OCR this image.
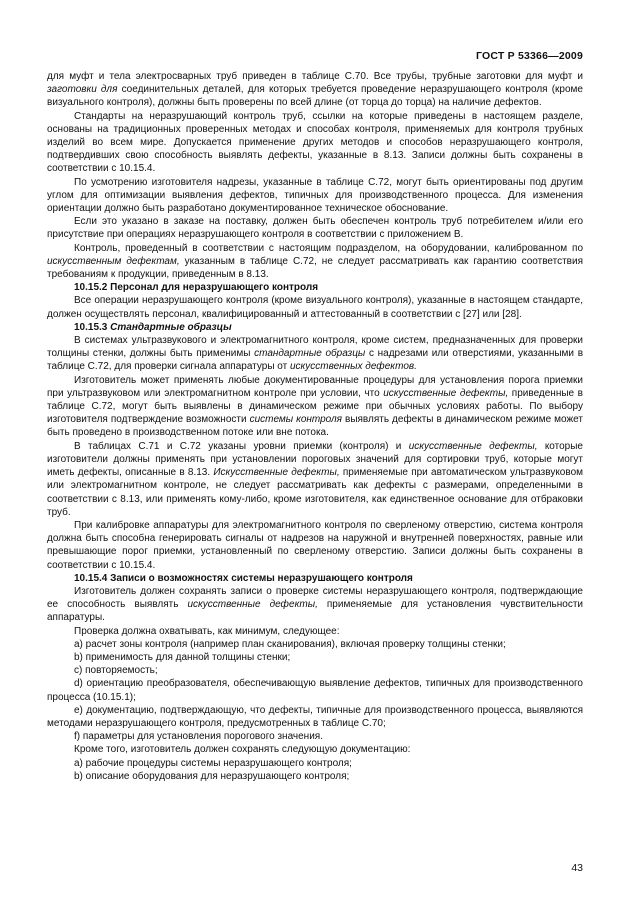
ГОСТ Р 53366—2009

для муфт и тела электросварных труб приведен в таблице С.70. Все трубы, трубные заготовки для муфт и заготовки для соединительных деталей, для которых требуется проведение неразрушающего контроля (кроме визуального контроля), должны быть проверены по всей длине (от торца до торца) на наличие дефектов.

Стандарты на неразрушающий контроль труб, ссылки на которые приведены в настоящем разделе, основаны на традиционных проверенных методах и способах контроля, применяемых для контроля трубных изделий во всем мире. Допускается применение других методов и способов неразрушающего контроля, подтвердивших свою способность выявлять дефекты, указанные в 8.13. Записи должны быть сохранены в соответствии с 10.15.4.

По усмотрению изготовителя надрезы, указанные в таблице С.72, могут быть ориентированы под другим углом для оптимизации выявления дефектов, типичных для производственного процесса. Для изменения ориентации должно быть разработано документированное техническое обоснование.

Если это указано в заказе на поставку, должен быть обеспечен контроль труб потребителем и/или его присутствие при операциях неразрушающего контроля в соответствии с приложением В.

Контроль, проведенный в соответствии с настоящим подразделом, на оборудовании, калиброванном по искусственным дефектам, указанным в таблице С.72, не следует рассматривать как гарантию соответствия требованиям к продукции, приведенным в 8.13.

10.15.2 Персонал для неразрушающего контроля

Все операции неразрушающего контроля (кроме визуального контроля), указанные в настоящем стандарте, должен осуществлять персонал, квалифицированный и аттестованный в соответствии с [27] или [28].

10.15.3 Стандартные образцы

В системах ультразвукового и электромагнитного контроля, кроме систем, предназначенных для проверки толщины стенки, должны быть применимы стандартные образцы с надрезами или отверстиями, указанными в таблице С.72, для проверки сигнала аппаратуры от искусственных дефектов.

Изготовитель может применять любые документированные процедуры для установления порога приемки при ультразвуковом или электромагнитном контроле при условии, что искусственные дефекты, приведенные в таблице С.72, могут быть выявлены в динамическом режиме при обычных условиях работы. По выбору изготовителя подтверждение возможности системы контроля выявлять дефекты в динамическом режиме может быть проведено в производственном потоке или вне потока.

В таблицах С.71 и С.72 указаны уровни приемки (контроля) и искусственные дефекты, которые изготовители должны применять при установлении пороговых значений для сортировки труб, которые могут иметь дефекты, описанные в 8.13. Искусственные дефекты, применяемые при автоматическом ультразвуковом или электромагнитном контроле, не следует рассматривать как дефекты с размерами, определенными в соответствии с 8.13, или применять кому-либо, кроме изготовителя, как единственное основание для отбраковки труб.

При калибровке аппаратуры для электромагнитного контроля по сверленому отверстию, система контроля должна быть способна генерировать сигналы от надрезов на наружной и внутренней поверхностях, равные или превышающие порог приемки, установленный по сверленому отверстию. Записи должны быть сохранены в соответствии с 10.15.4.

10.15.4 Записи о возможностях системы неразрушающего контроля

Изготовитель должен сохранять записи о проверке системы неразрушающего контроля, подтверждающие ее способность выявлять искусственные дефекты, применяемые для установления чувствительности аппаратуры.

Проверка должна охватывать, как минимум, следующее:

а) расчет зоны контроля (например план сканирования), включая проверку толщины стенки;

b) применимость для данной толщины стенки;

c) повторяемость;

d) ориентацию преобразователя, обеспечивающую выявление дефектов, типичных для производственного процесса (10.15.1);

e) документацию, подтверждающую, что дефекты, типичные для производственного процесса, выявляются методами неразрушающего контроля, предусмотренных в таблице С.70;

f) параметры для установления порогового значения.

Кроме того, изготовитель должен сохранять следующую документацию:

а) рабочие процедуры системы неразрушающего контроля;

b) описание оборудования для неразрушающего контроля;

43
